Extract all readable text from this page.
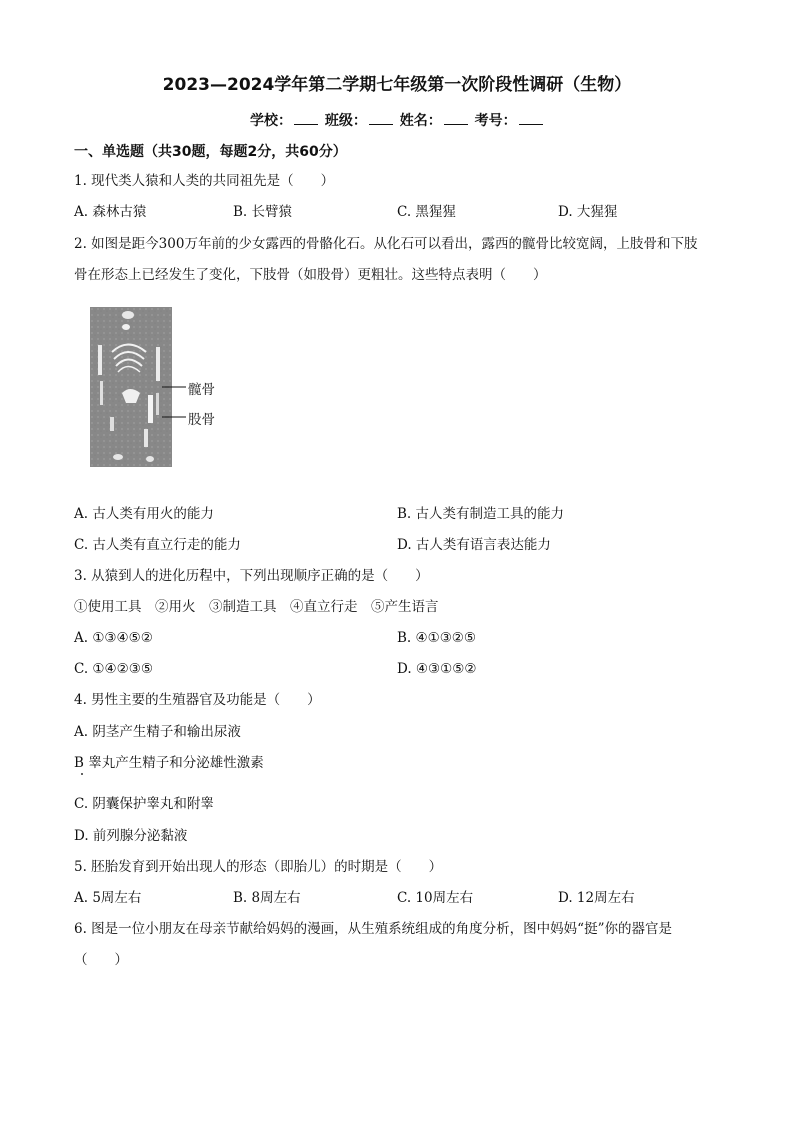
2023—2024学年第二学期七年级第一次阶段性调研（生物）
学校： 班级： 姓名： 考号：
一、单选题（共30题，每题2分，共60分）
1. 现代类人猿和人类的共同祖先是（　　）
A. 森林古猿	B. 长臂猿	C. 黑猩猩	D. 大猩猩
2. 如图是距今300万年前的少女露西的骨骼化石。从化石可以看出，露西的髋骨比较宽阔，上肢骨和下肢
骨在形态上已经发生了变化，下肢骨（如股骨）更粗壮。这些特点表明（　　）
髋骨
股骨
A. 古人类有用火的能力	B. 古人类有制造工具的能力
C. 古人类有直立行走的能力	D. 古人类有语言表达能力
3. 从猿到人的进化历程中，下列出现顺序正确的是（　　）
①使用工具　②用火　③制造工具　④直立行走　⑤产生语言
A. ①③④⑤②	B. ④①③②⑤
C. ①④②③⑤	D. ④③①⑤②
4. 男性主要的生殖器官及功能是（　　）
A. 阴茎产生精子和输出尿液
B 睾丸产生精子和分泌雄性激素
C. 阴囊保护睾丸和附睾
D. 前列腺分泌黏液
5. 胚胎发育到开始出现人的形态（即胎儿）的时期是（　　）
A. 5周左右	B. 8周左右	C. 10周左右	D. 12周左右
6. 图是一位小朋友在母亲节献给妈妈的漫画，从生殖系统组成的角度分析，图中妈妈“挺”你的器官是
（　　）
